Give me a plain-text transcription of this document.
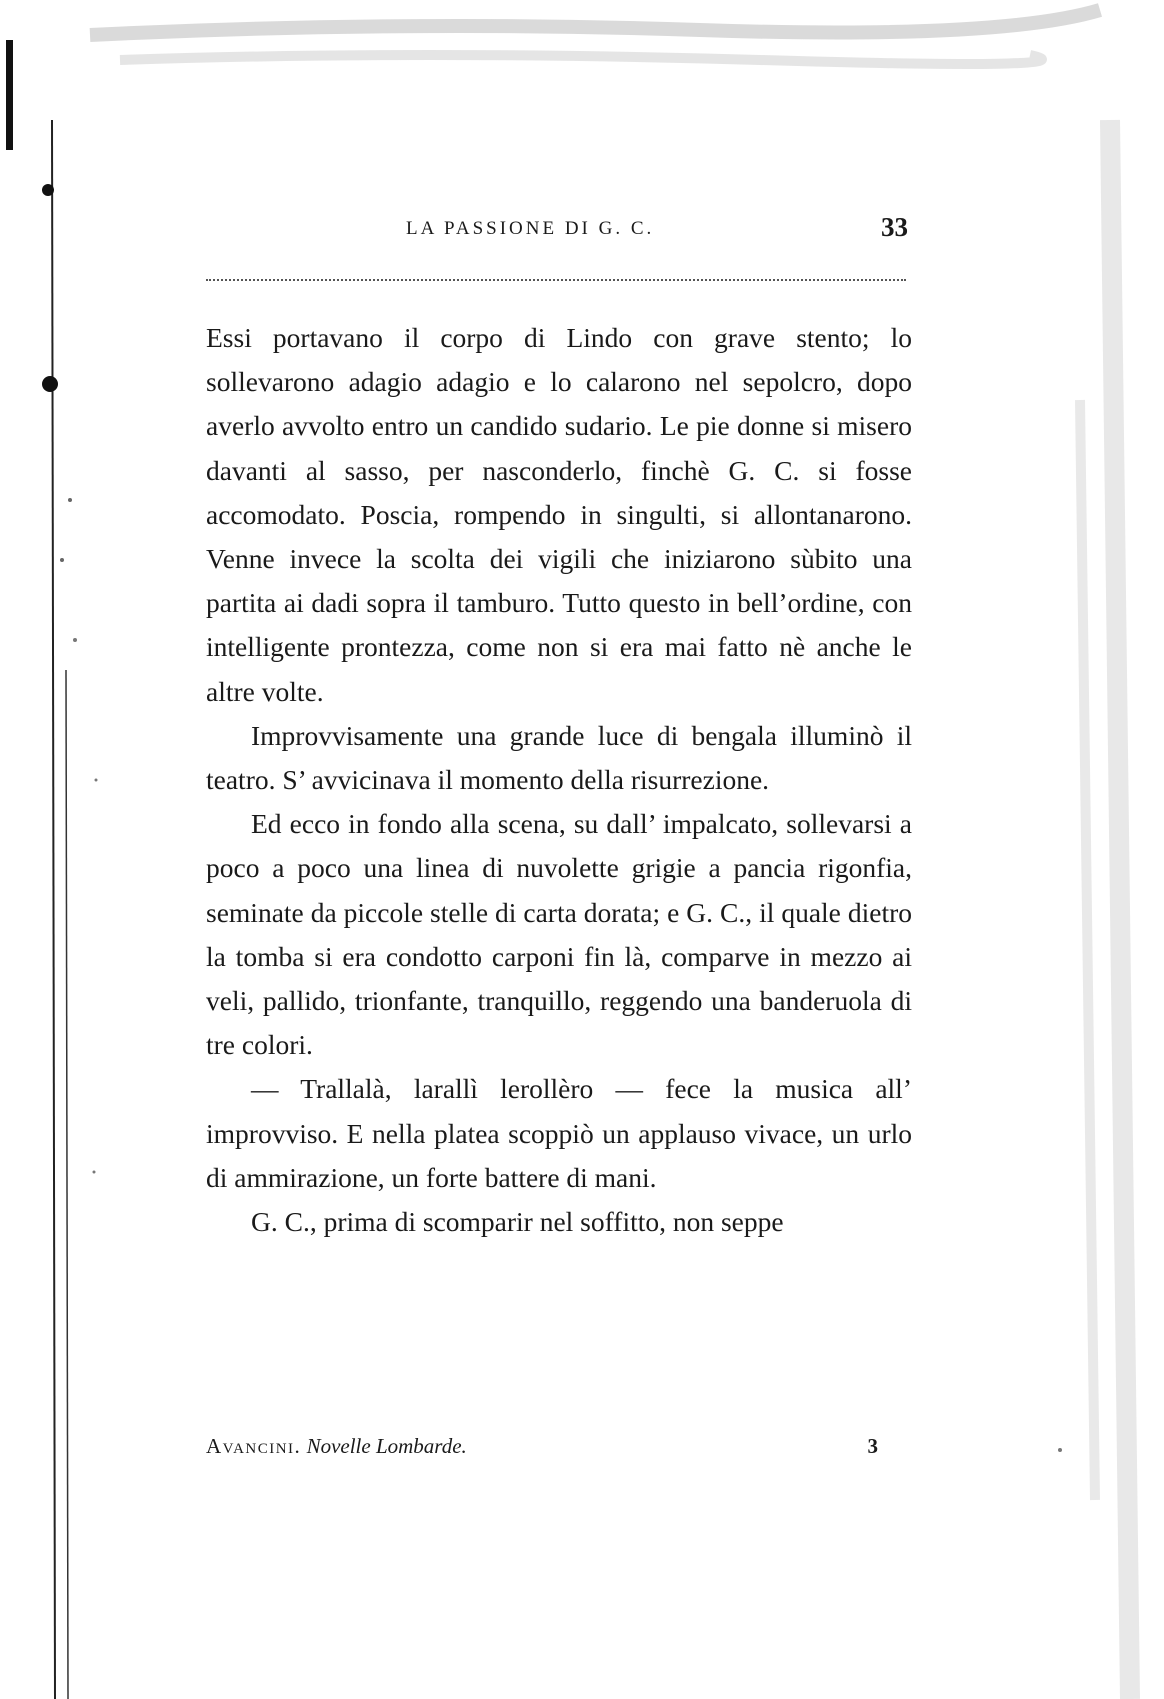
LA PASSIONE DI G. C.	33

Essi portavano il corpo di Lindo con grave stento; lo sollevarono adagio adagio e lo calarono nel sepolcro, dopo averlo avvolto entro un candido sudario. Le pie donne si misero davanti al sasso, per nasconderlo, finchè G. C. si fosse accomodato. Poscia, rompendo in singulti, si allontanarono. Venne invece la scolta dei vigili che iniziarono sùbito una partita ai dadi sopra il tamburo. Tutto questo in bell’ordine, con intelligente prontezza, come non si era mai fatto nè anche le altre volte.

Improvvisamente una grande luce di bengala illuminò il teatro. S’ avvicinava il momento della risurrezione.

Ed ecco in fondo alla scena, su dall’ impalcato, sollevarsi a poco a poco una linea di nuvolette grigie a pancia rigonfia, seminate da piccole stelle di carta dorata; e G. C., il quale dietro la tomba si era condotto carponi fin là, comparve in mezzo ai veli, pallido, trionfante, tranquillo, reggendo una banderuola di tre colori.

— Trallalà, larallì lerollèro — fece la musica all’ improvviso. E nella platea scoppiò un applauso vivace, un urlo di ammirazione, un forte battere di mani.

G. C., prima di scomparir nel soffitto, non seppe

Avancini. Novelle Lombarde.	3
